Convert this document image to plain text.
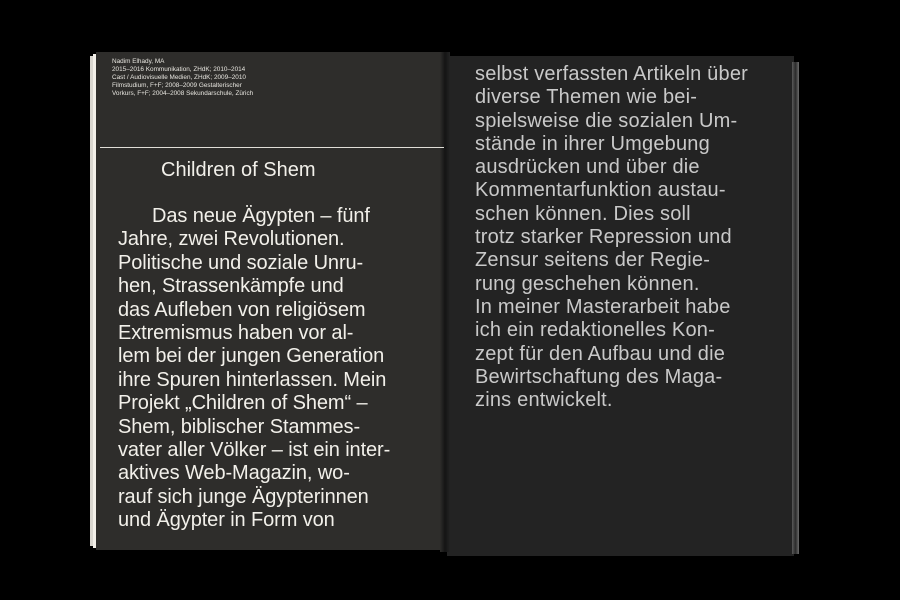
Nadim Elhady, MA
2015–2016 Kommunikation, ZHdK; 2010–2014
Cast / Audiovisuelle Medien, ZHdK; 2009–2010
Filmstudium, F+F; 2008–2009 Gestalterischer
Vorkurs, F+F; 2004–2008 Sekundarschule, Zürich
Children of Shem
Das neue Ägypten – fünf
Jahre, zwei Revolutionen.
Politische und soziale Unru-
hen, Strassenkämpfe und
das Aufleben von religiösem
Extremismus haben vor al-
lem bei der jungen Generation
ihre Spuren hinterlassen. Mein
Projekt „Children of Shem“ –
Shem, biblischer Stammes-
vater aller Völker – ist ein inter-
aktives Web-Magazin, wo-
rauf sich junge Ägypterinnen
und Ägypter in Form von
selbst verfassten Artikeln über
diverse Themen wie bei-
spielsweise die sozialen Um-
stände in ihrer Umgebung
ausdrücken und über die
Kommentarfunktion austau-
schen können. Dies soll
trotz starker Repression und
Zensur seitens der Regie-
rung geschehen können.
In meiner Masterarbeit habe
ich ein redaktionelles Kon-
zept für den Aufbau und die
Bewirtschaftung des Maga-
zins entwickelt.
